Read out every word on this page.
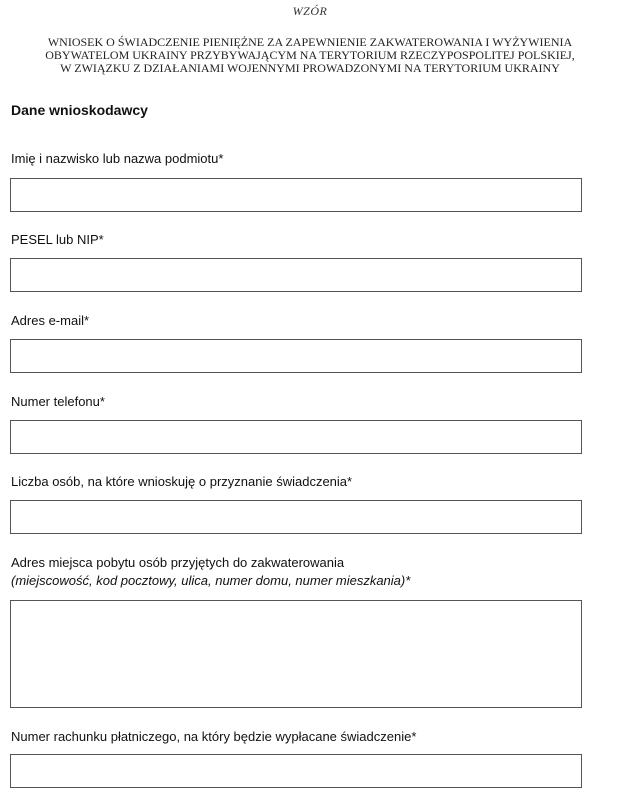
WZÓR
WNIOSEK O ŚWIADCZENIE PIENIĘŻNE ZA ZAPEWNIENIE ZAKWATEROWANIA I WYŻYWIENIA
OBYWATELOM UKRAINY PRZYBYWAJĄCYM NA TERYTORIUM RZECZYPOSPOLITEJ POLSKIEJ,
W ZWIĄZKU Z DZIAŁANIAMI WOJENNYMI PROWADZONYMI NA TERYTORIUM UKRAINY
Dane wnioskodawcy
Imię i nazwisko lub nazwa podmiotu*
PESEL lub NIP*
Adres e-mail*
Numer telefonu*
Liczba osób, na które wnioskuję o przyznanie świadczenia*
Adres miejsca pobytu osób przyjętych do zakwaterowania
(miejscowość, kod pocztowy, ulica, numer domu, numer mieszkania)*
Numer rachunku płatniczego, na który będzie wypłacane świadczenie*
